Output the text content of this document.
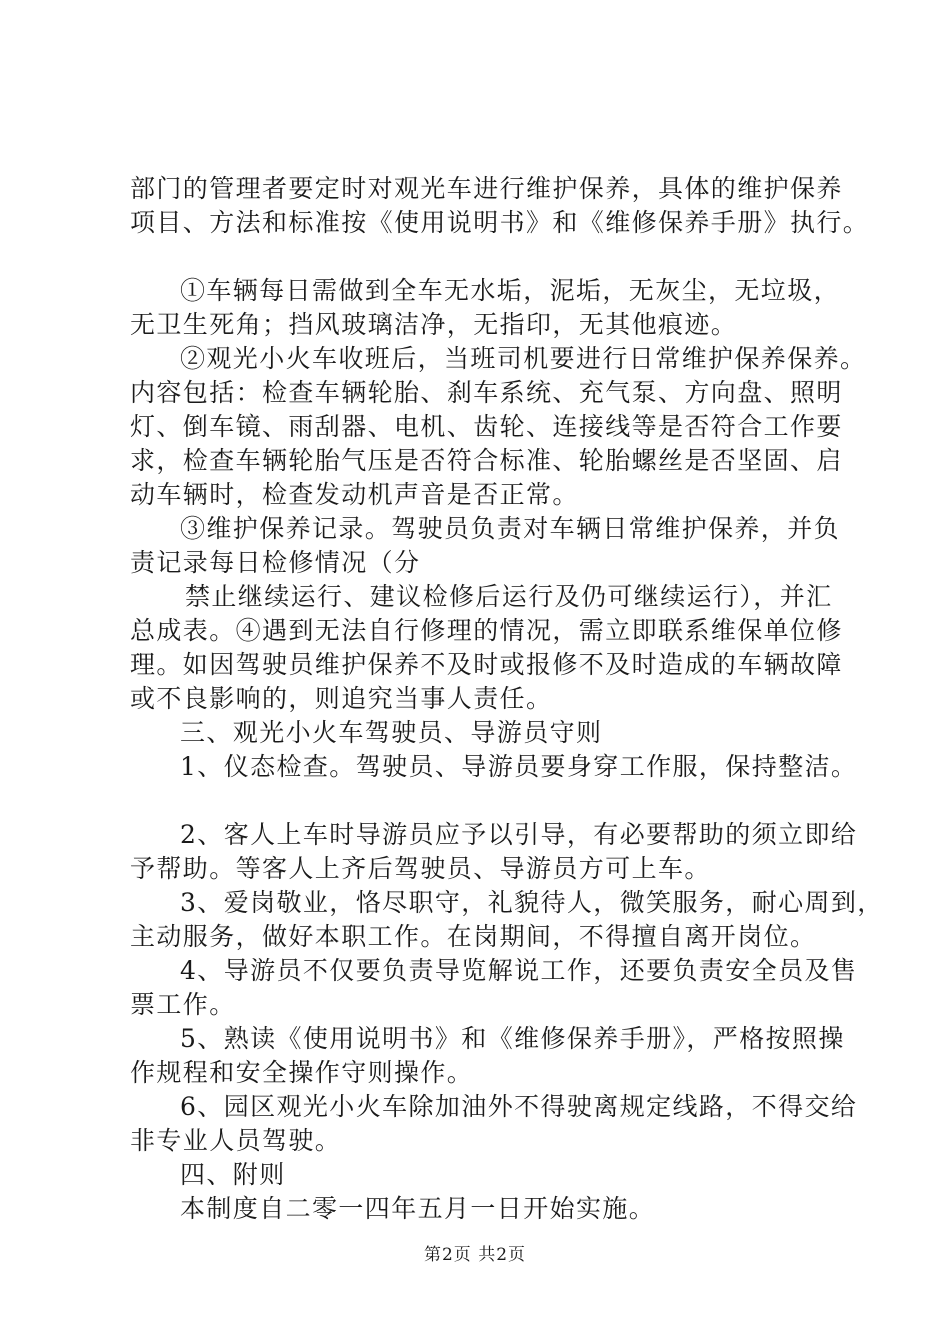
部门的管理者要定时对观光车进行维护保养，具体的维护保养
项目、方法和标准按《使用说明书》和《维修保养手册》执行。
①车辆每日需做到全车无水垢，泥垢，无灰尘，无垃圾，
无卫生死角；挡风玻璃洁净，无指印，无其他痕迹。
②观光小火车收班后，当班司机要进行日常维护保养保养。
内容包括：检查车辆轮胎、刹车系统、充气泵、方向盘、照明
灯、倒车镜、雨刮器、电机、齿轮、连接线等是否符合工作要
求，检查车辆轮胎气压是否符合标准、轮胎螺丝是否坚固、启
动车辆时，检查发动机声音是否正常。
③维护保养记录。驾驶员负责对车辆日常维护保养，并负
责记录每日检修情况（分
禁止继续运行、建议检修后运行及仍可继续运行），并汇
总成表。④遇到无法自行修理的情况，需立即联系维保单位修
理。如因驾驶员维护保养不及时或报修不及时造成的车辆故障
或不良影响的，则追究当事人责任。
三、观光小火车驾驶员、导游员守则
1、仪态检查。驾驶员、导游员要身穿工作服，保持整洁。
2、客人上车时导游员应予以引导，有必要帮助的须立即给
予帮助。等客人上齐后驾驶员、导游员方可上车。
3、爱岗敬业，恪尽职守，礼貌待人，微笑服务，耐心周到，
主动服务，做好本职工作。在岗期间，不得擅自离开岗位。
4、导游员不仅要负责导览解说工作，还要负责安全员及售
票工作。
5、熟读《使用说明书》和《维修保养手册》，严格按照操
作规程和安全操作守则操作。
6、园区观光小火车除加油外不得驶离规定线路，不得交给
非专业人员驾驶。
四、附则
本制度自二零一四年五月一日开始实施。
第2页 共2页
